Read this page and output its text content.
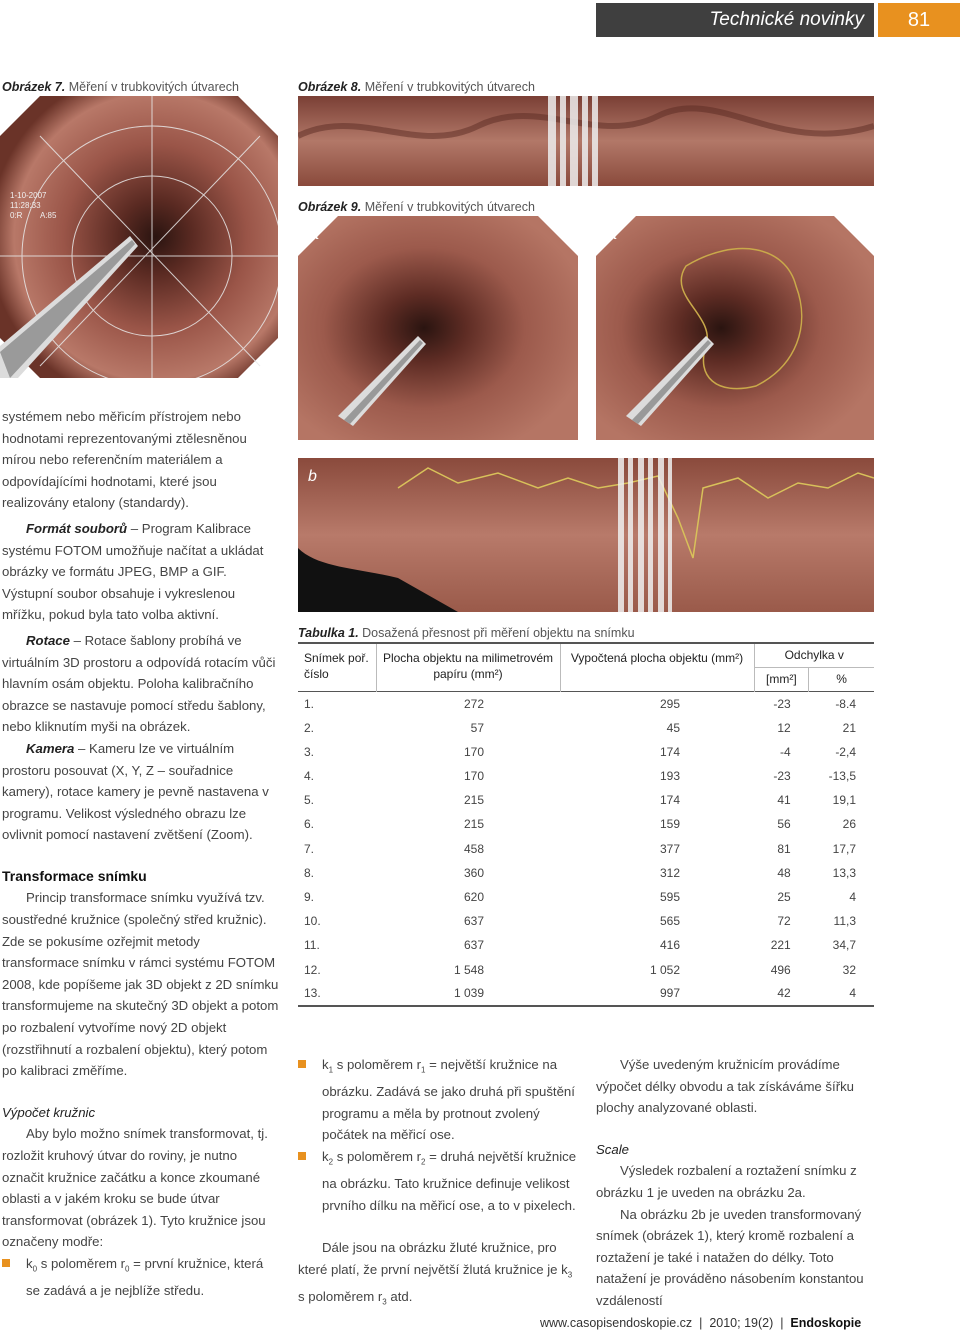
Technické novinky	81
Obrázek 7. Měření v trubkovitých útvarech	Obrázek 8. Měření v trubkovitých útvarech
Obrázek 9. Měření v trubkovitých útvarech
1-10-2007
11:28:33
0:R A:85
a	a
b

systémem nebo měřicím přístrojem nebo hodnotami reprezentovanými ztělesněnou mírou nebo referenčním materiálem a odpovídajícími hodnotami, které jsou realizovány etalony (standardy).

Formát souborů – Program Kalibrace systému FOTOM umožňuje načítat a ukládat obrázky ve formátu JPEG, BMP a GIF. Výstupní soubor obsahuje i vykreslenou mřížku, pokud byla tato volba aktivní.

Rotace – Rotace šablony probíhá ve virtuálním 3D prostoru a odpovídá rotacím vůči hlavním osám objektu. Poloha kalibračního obrazce se nastavuje pomocí středu šablony, nebo kliknutím myši na obrázek.

Kamera – Kameru lze ve virtuálním prostoru posouvat (X, Y, Z – souřadnice kamery), rotace kamery je pevně nastavena v programu. Velikost výsledného obrazu lze ovlivnit pomocí nastavení zvětšení (Zoom).

Transformace snímku

Princip transformace snímku využívá tzv. soustředné kružnice (společný střed kružnic). Zde se pokusíme ozřejmit metody transformace snímku v rámci systému FOTOM 2008, kde popíšeme jak 3D objekt z 2D snímku transformujeme na skutečný 3D objekt a potom po rozbalení vytvoříme nový 2D objekt (rozstřihnutí a rozbalení objektu), který potom po kalibraci změříme.

Výpočet kružnic

Aby bylo možno snímek transformovat, tj. rozložit kruhový útvar do roviny, je nutno označit kružnice začátku a konce zkoumané oblasti a v jakém kroku se bude útvar transformovat (obrázek 1). Tyto kružnice jsou označeny modře:

$k_0$ s poloměrem $r_0$ = první kružnice, která se zadává a je nejblíže středu.

Tabulka 1. Dosažená přesnost při měření objektu na snímku
Snímek poř. číslo	Plocha objektu na milimetrovém papíru (mm²)	Vypočtená plocha objektu (mm²)	Odchylka v	
			[mm²]	%
1.	272	295	-23	-8.4
2.	57	45	12	21
3.	170	174	-4	-2,4
4.	170	193	-23	-13,5
5.	215	174	41	19,1
6.	215	159	56	26
7.	458	377	81	17,7
8.	360	312	48	13,3
9.	620	595	25	4
10.	637	565	72	11,3
11.	637	416	221	34,7
12.	1 548	1 052	496	32
13.	1 039	997	42	4

$k_1$ s poloměrem $r_1$ = největší kružnice na obrázku. Zadává se jako druhá při spuštění programu a měla by protnout zvolený počátek na měřicí ose.

$k_2$ s poloměrem $r_2$ = druhá největší kružnice na obrázku. Tato kružnice definuje velikost prvního dílku na měřicí ose, a to v pixelech.

Dále jsou na obrázku žluté kružnice, pro které platí, že první největší žlutá kružnice je $k_3$ s poloměrem $r_3$ atd.

Výše uvedeným kružnicím provádíme výpočet délky obvodu a tak získáváme šířku plochy analyzované oblasti.

Scale

Výsledek rozbalení a roztažení snímku z obrázku 1 je uveden na obrázku 2a.

Na obrázku 2b je uveden transformovaný snímek (obrázek 1), který kromě rozbalení a roztažení je také i natažen do délky. Toto natažení je prováděno násobením konstantou vzdáleností

www.casopisendoskopie.cz  |  2010; 19(2)  |  Endoskopie
